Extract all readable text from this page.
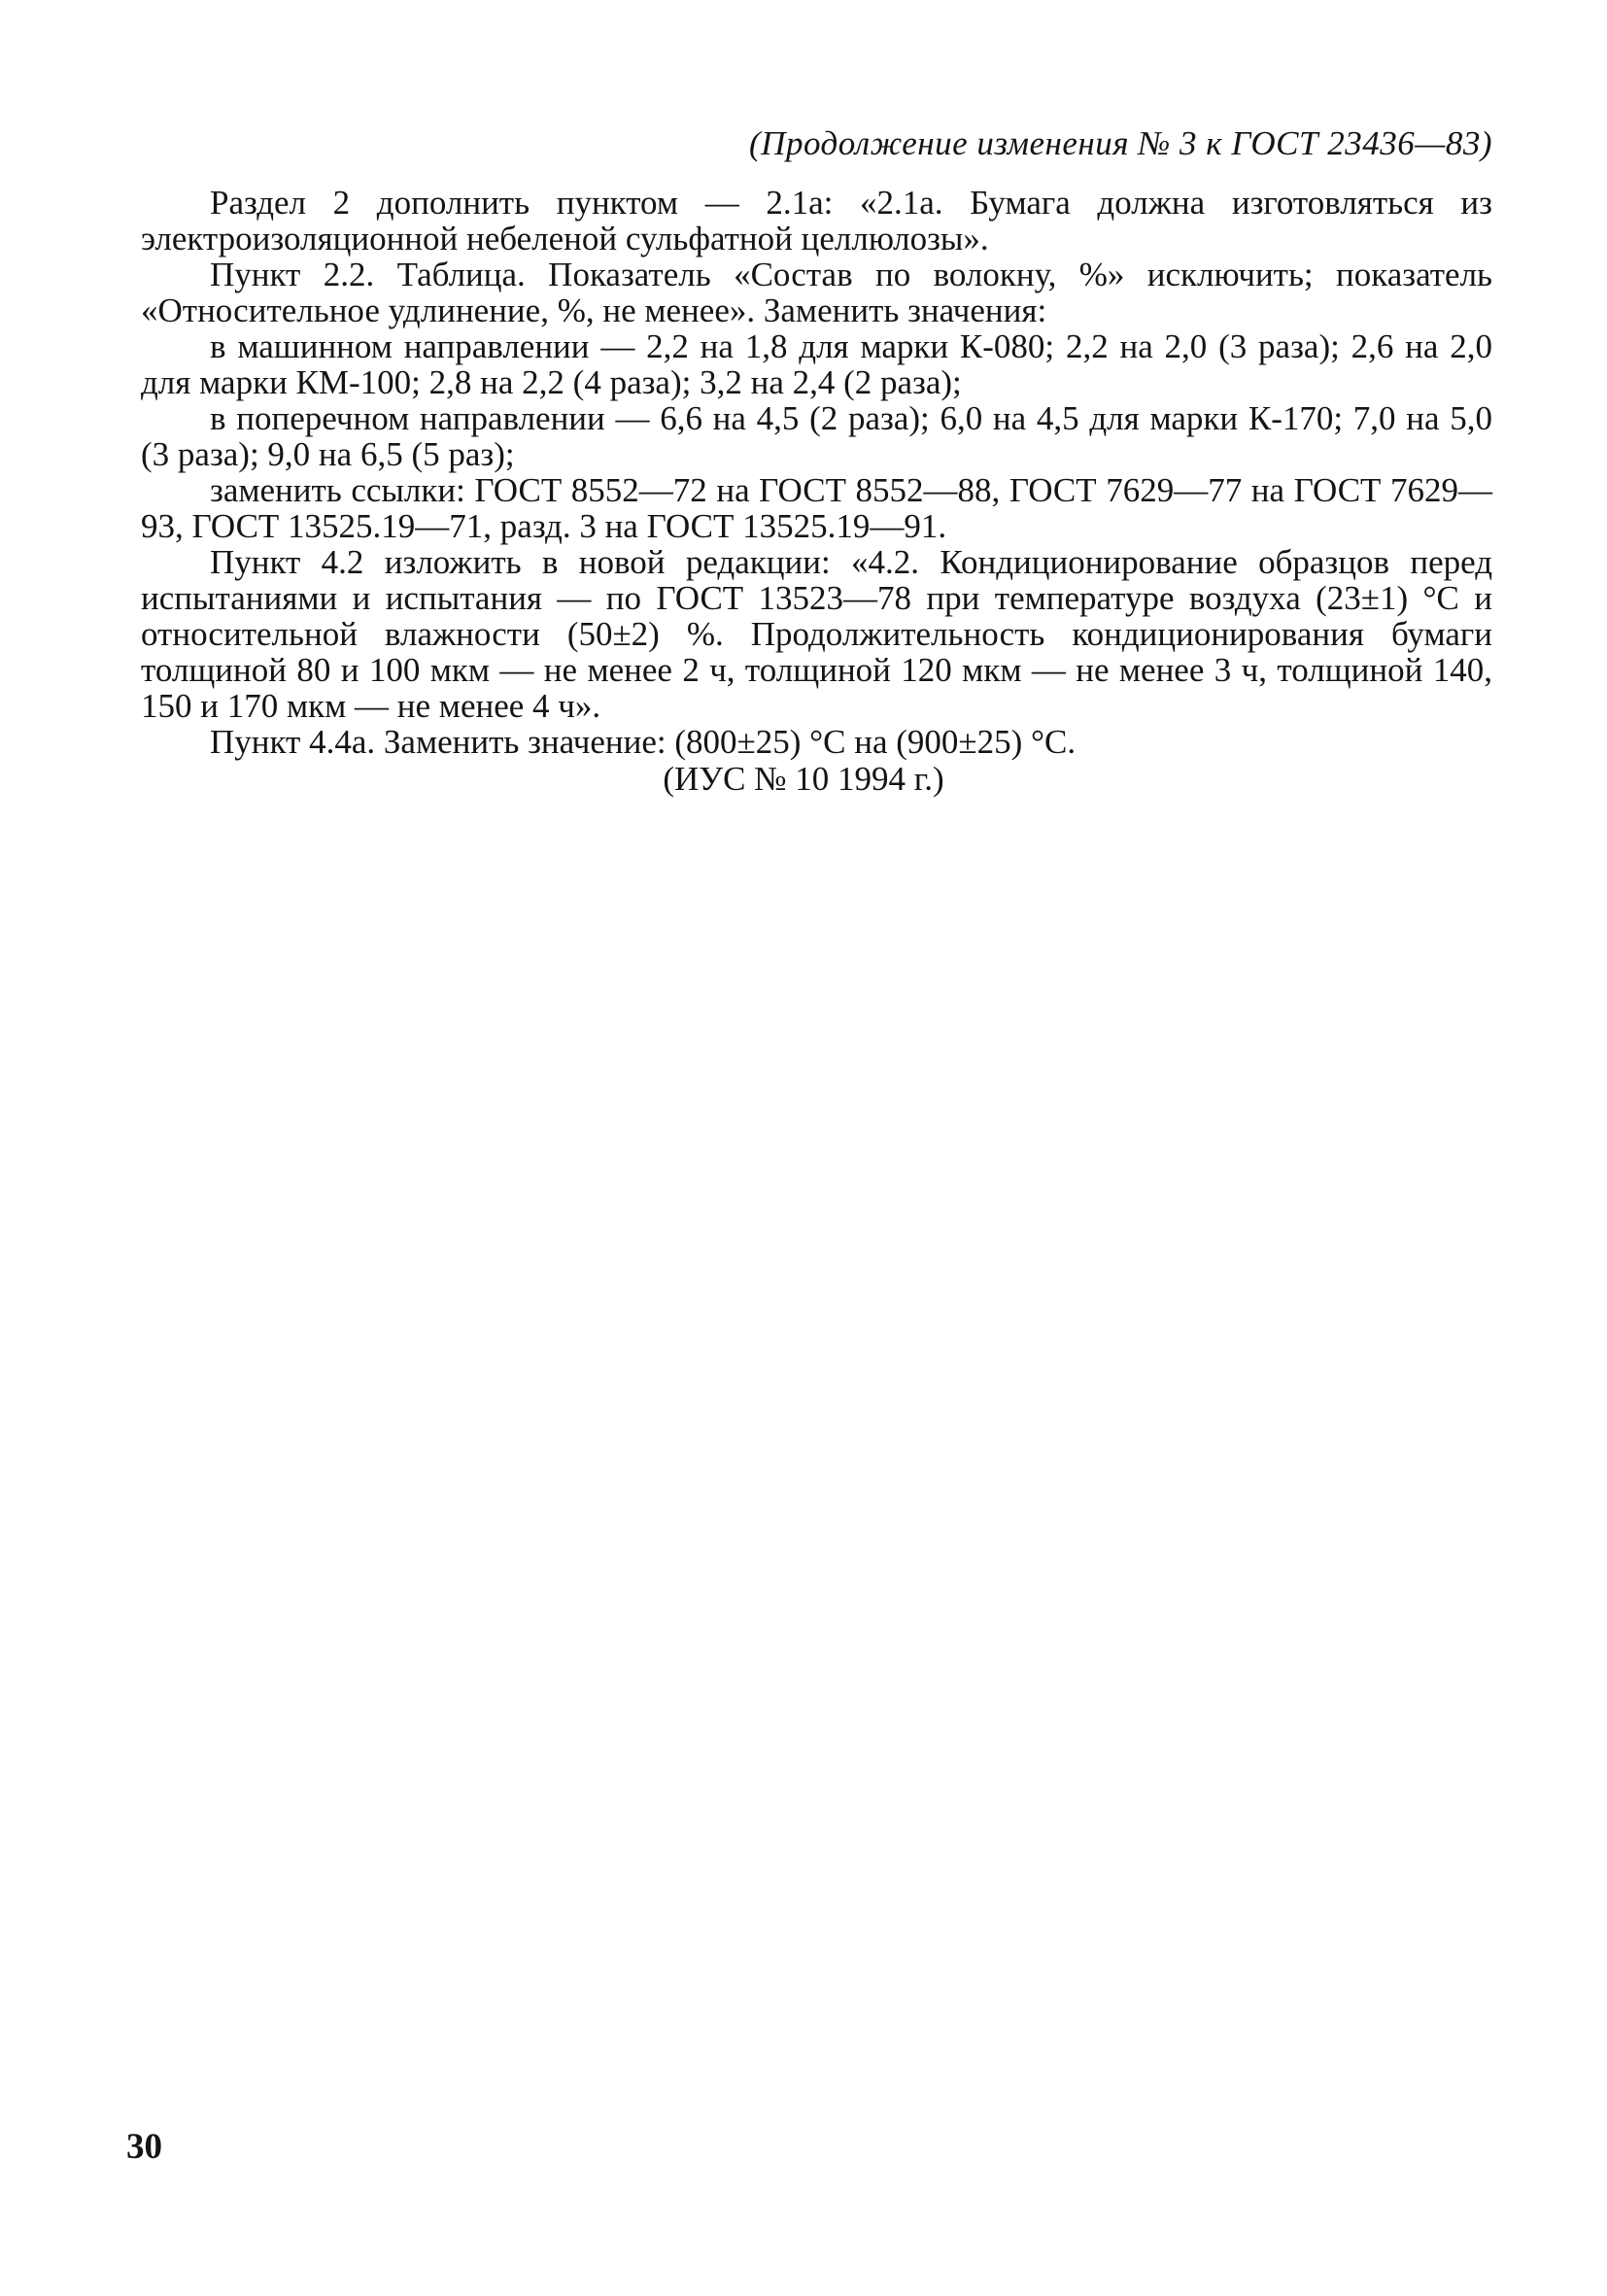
(Продолжение изменения № 3 к ГОСТ 23436—83)

Раздел 2 дополнить пунктом — 2.1а: «2.1а. Бумага должна изготовляться из электроизоляционной небеленой сульфатной целлюлозы».

Пункт 2.2. Таблица. Показатель «Состав по волокну, %» исключить; показатель «Относительное удлинение, %, не менее». Заменить значения:

в машинном направлении — 2,2 на 1,8 для марки К-080; 2,2 на 2,0 (3 раза); 2,6 на 2,0 для марки КМ-100; 2,8 на 2,2 (4 раза); 3,2 на 2,4 (2 раза);

в поперечном направлении — 6,6 на 4,5 (2 раза); 6,0 на 4,5 для марки К-170; 7,0 на 5,0 (3 раза); 9,0 на 6,5 (5 раз);

заменить ссылки: ГОСТ 8552—72 на ГОСТ 8552—88, ГОСТ 7629—77 на ГОСТ 7629—93, ГОСТ 13525.19—71, разд. 3 на ГОСТ 13525.19—91.

Пункт 4.2 изложить в новой редакции: «4.2. Кондиционирование образцов перед испытаниями и испытания — по ГОСТ 13523—78 при температуре воздуха (23±1) °С и относительной влажности (50±2) %. Продолжительность кондиционирования бумаги толщиной 80 и 100 мкм — не менее 2 ч, толщиной 120 мкм — не менее 3 ч, толщиной 140, 150 и 170 мкм — не менее 4 ч».

Пункт 4.4а. Заменить значение: (800±25) °С на (900±25) °С.

(ИУС № 10 1994 г.)
30
